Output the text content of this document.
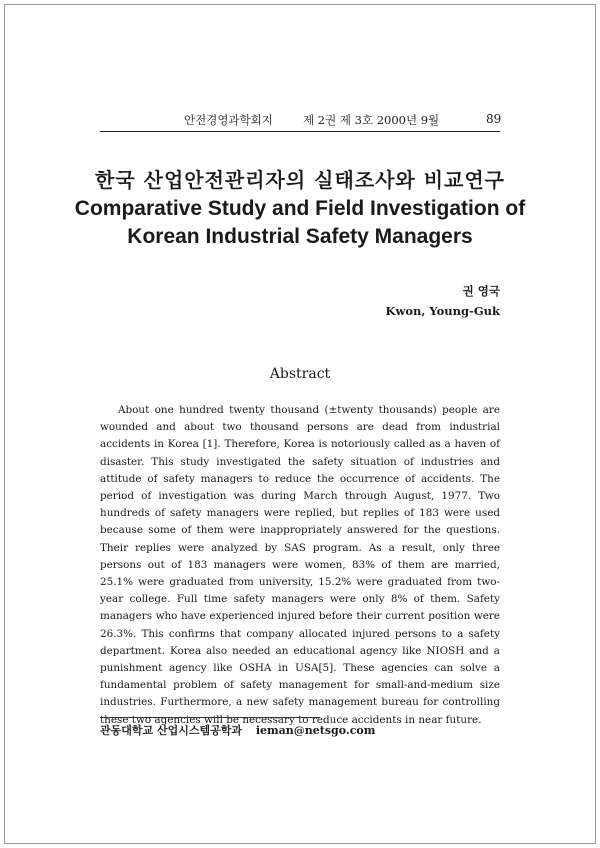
안전경영과학회지	제 2권 제 3호 2000년 9월	89
한국 산업안전관리자의 실태조사와 비교연구
Comparative Study and Field Investigation of
Korean Industrial Safety Managers
권 영국
Kwon, Young-Guk
Abstract

About one hundred twenty thousand (±twenty thousands) people are wounded and about two thousand persons are dead from industrial accidents in Korea [1]. Therefore, Korea is notoriously called as a haven of disaster. This study investigated the safety situation of industries and attitude of safety managers to reduce the occurrence of accidents. The period of investigation was during March through August, 1977. Two hundreds of safety managers were replied, but replies of 183 were used because some of them were inappropriately answered for the questions. Their replies were analyzed by SAS program. As a result, only three persons out of 183 managers were women, 83% of them are married, 25.1% were graduated from university, 15.2% were graduated from two-year college. Full time safety managers were only 8% of them. Safety managers who have experienced injured before their current position were 26.3%. This confirms that company allocated injured persons to a safety department. Korea also needed an educational agency like NIOSH and a punishment agency like OSHA in USA[5]. These agencies can solve a fundamental problem of safety management for small-and-medium size industries. Furthermore, a new safety management bureau for controlling these two agencies will be necessary to reduce accidents in near future.

관동대학교 산업시스템공학과 ieman@netsgo.com
